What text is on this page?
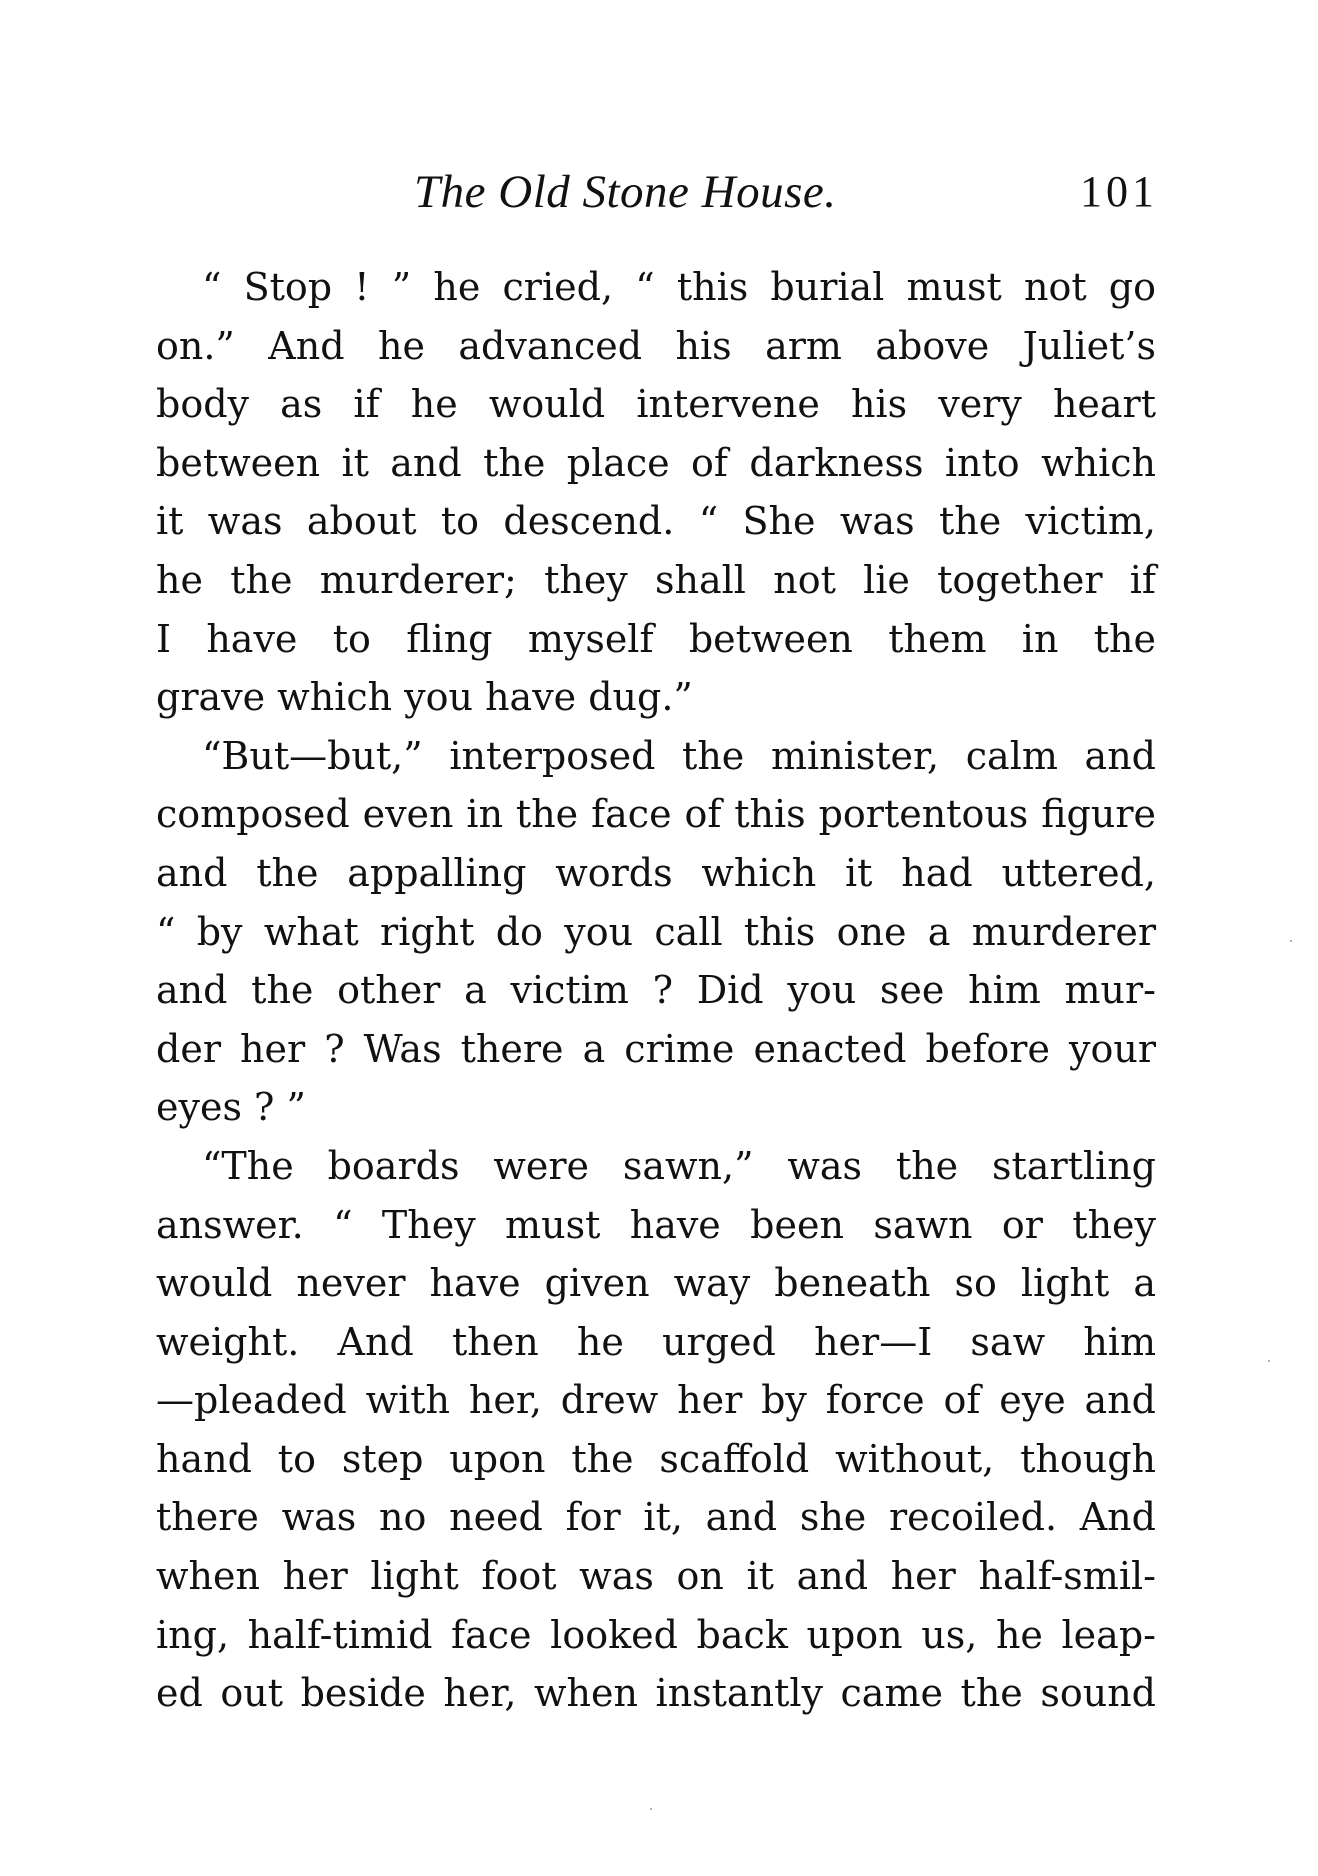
The Old Stone House.	101
“ Stop ! ” he cried, “ this burial must not go
on.” And he advanced his arm above Juliet’s
body as if he would intervene his very heart
between it and the place of darkness into which
it was about to descend. “ She was the victim,
he the murderer; they shall not lie together if
I have to fling myself between them in the
grave which you have dug.”
“But—but,” interposed the minister, calm and
composed even in the face of this portentous figure
and the appalling words which it had uttered,
“ by what right do you call this one a murderer
and the other a victim ? Did you see him mur-
der her ? Was there a crime enacted before your
eyes ? ”
“The boards were sawn,” was the startling
answer. “ They must have been sawn or they
would never have given way beneath so light a
weight. And then he urged her—I saw him
—pleaded with her, drew her by force of eye and
hand to step upon the scaffold without, though
there was no need for it, and she recoiled. And
when her light foot was on it and her half-smil-
ing, half-timid face looked back upon us, he leap-
ed out beside her, when instantly came the sound
